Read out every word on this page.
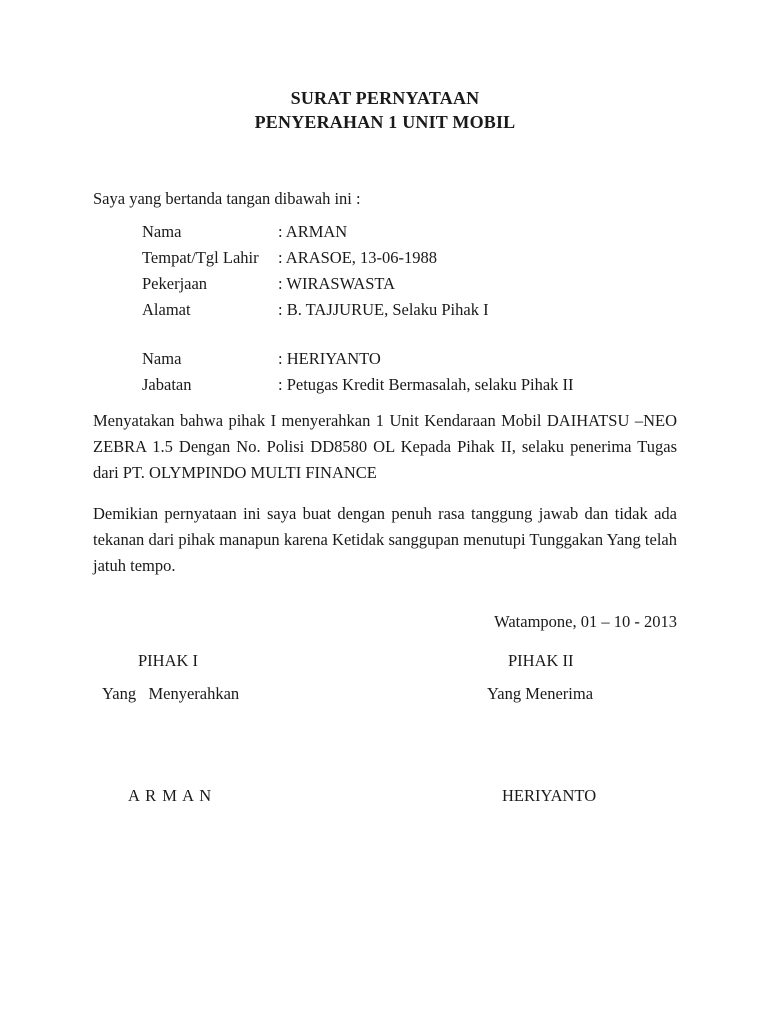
SURAT PERNYATAAN
PENYERAHAN 1 UNIT MOBIL
Saya yang bertanda tangan dibawah ini :
Nama	: ARMAN
Tempat/Tgl Lahir : ARASOE, 13-06-1988
Pekerjaan	: WIRASWASTA
Alamat	: B. TAJJURUE, Selaku Pihak I
Nama	: HERIYANTO
Jabatan	: Petugas Kredit Bermasalah, selaku Pihak II
Menyatakan bahwa pihak I menyerahkan 1 Unit Kendaraan Mobil DAIHATSU –NEO ZEBRA 1.5 Dengan No. Polisi DD8580 OL Kepada Pihak II, selaku penerima Tugas dari PT. OLYMPINDO MULTI FINANCE
Demikian pernyataan ini saya buat dengan penuh rasa tanggung jawab dan tidak ada tekanan dari pihak manapun karena Ketidak sanggupan menutupi Tunggakan Yang telah jatuh tempo.
Watampone, 01 – 10 - 2013
PIHAK I	PIHAK II
Yang   Menyerahkan	Yang Menerima
A R M A N	HERIYANTO
